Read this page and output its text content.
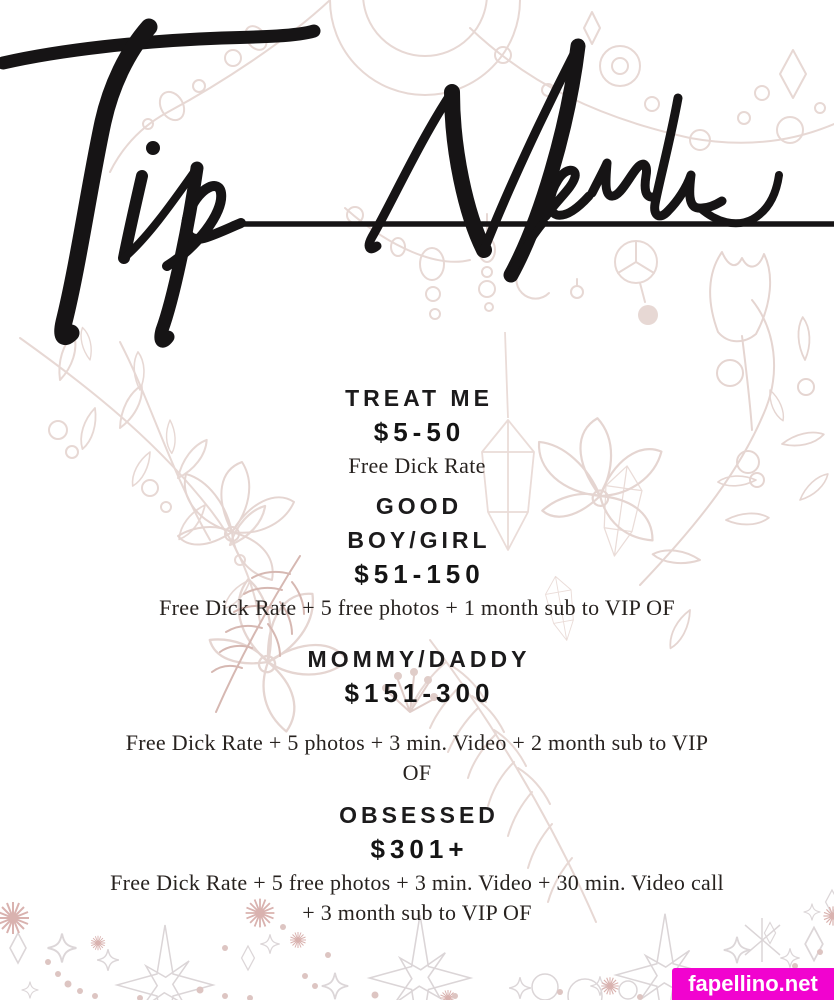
TREAT ME
$5-50
Free Dick Rate
GOOD
BOY/GIRL
$51-150
Free Dick Rate + 5 free photos + 1 month sub to VIP OF
MOMMY/DADDY
$151-300
Free Dick Rate + 5 photos + 3 min. Video + 2 month sub to VIP
OF
OBSESSED
$301+
Free Dick Rate + 5 free photos + 3 min. Video + 30 min. Video call
+ 3 month sub to VIP OF
fapellino.net
